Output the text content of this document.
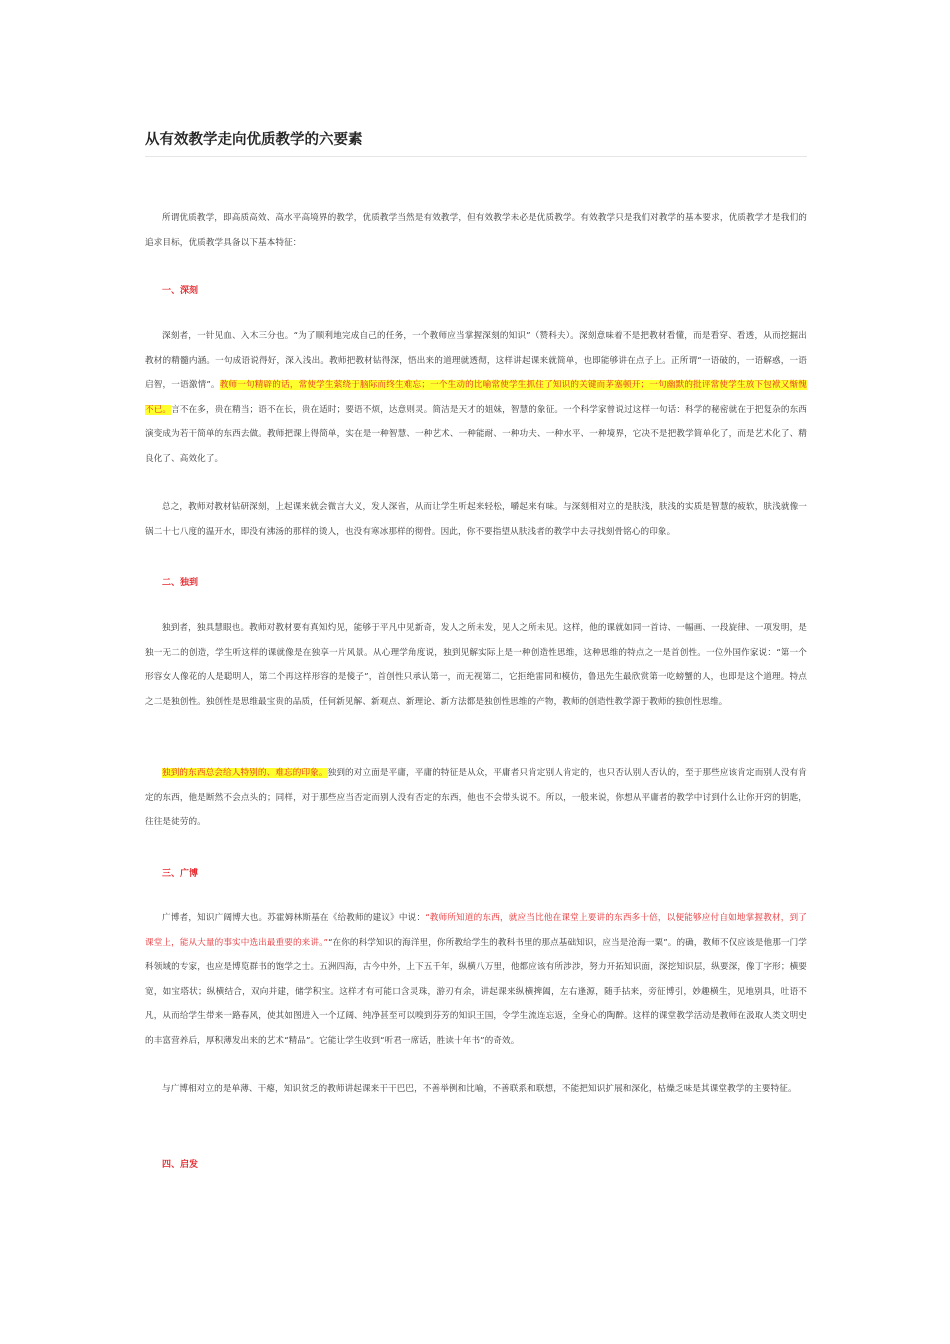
从有效教学走向优质教学的六要素

所谓优质教学，即高质高效、高水平高境界的教学，优质教学当然是有效教学，但有效教学未必是优质教学。有效教学只是我们对教学的基本要求，优质教学才是我们的追求目标，优质教学具备以下基本特征：

一、深刻

深刻者，一针见血、入木三分也。“为了顺利地完成自己的任务，一个教师应当掌握深刻的知识”（赞科夫）。深刻意味着不是把教材看懂，而是看穿、看透，从而挖掘出教材的精髓内涵。一句成语说得好，深入浅出。教师把教材钻得深，悟出来的道理就透彻，这样讲起课来就简单，也即能够讲在点子上。正所谓“一语破的，一语解惑，一语启智，一语激情”。教师一句精辟的话，常使学生萦绕于脑际而终生难忘；一个生动的比喻常使学生抓住了知识的关键而茅塞顿开；一句幽默的批评常使学生放下包袱又惭愧不已。言不在多，贵在精当；语不在长，贵在适时；要语不烦，达意则灵。简洁是天才的姐妹，智慧的象征。一个科学家曾说过这样一句话：科学的秘密就在于把复杂的东西演变成为若干简单的东西去做。教师把课上得简单，实在是一种智慧、一种艺术、一种能耐、一种功夫、一种水平、一种境界，它决不是把教学简单化了，而是艺术化了、精良化了、高效化了。

总之，教师对教材钻研深刻，上起课来就会微言大义，发人深省，从而让学生听起来轻松，嚼起来有味。与深刻相对立的是肤浅，肤浅的实质是智慧的疲软，肤浅就像一锅二十七八度的温开水，即没有沸汤的那样的烫人，也没有寒冰那样的彻骨。因此，你不要指望从肤浅者的教学中去寻找刻骨铭心的印象。

二、独到

独到者，独具慧眼也。教师对教材要有真知灼见，能够于平凡中见新奇，发人之所未发，见人之所未见。这样，他的课就如同一首诗、一幅画、一段旋律、一项发明，是独一无二的创造，学生听这样的课就像是在独享一片风景。从心理学角度说，独到见解实际上是一种创造性思维，这种思维的特点之一是首创性。一位外国作家说：“第一个形容女人像花的人是聪明人，第二个再这样形容的是傻子”，首创性只承认第一，而无视第二，它拒绝雷同和模仿，鲁迅先生最欣赏第一吃螃蟹的人，也即是这个道理。特点之二是独创性。独创性是思维最宝贵的品质，任何新见解、新观点、新理论、新方法都是独创性思维的产物，教师的创造性教学源于教师的独创性思维。

独到的东西总会给人特别的、难忘的印象。独到的对立面是平庸，平庸的特征是从众，平庸者只肯定别人肯定的，也只否认别人否认的，至于那些应该肯定而别人没有肯定的东西，他是断然不会点头的；同样，对于那些应当否定而别人没有否定的东西，他也不会带头说不。所以，一般来说，你想从平庸者的教学中讨到什么让你开窍的钥匙，往往是徒劳的。

三、广博

广博者，知识广阔博大也。苏霍姆林斯基在《给教师的建议》中说：“教师所知道的东西，就应当比他在课堂上要讲的东西多十倍，以便能够应付自如地掌握教材，到了课堂上，能从大量的事实中选出最重要的来讲。”“在你的科学知识的海洋里，你所教给学生的教科书里的那点基础知识，应当是沧海一粟”。的确，教师不仅应该是他那一门学科领域的专家，也应是博览群书的饱学之士。五洲四海，古今中外，上下五千年，纵横八万里，他都应该有所涉涉，努力开拓知识面，深挖知识层，纵要深，像丁字形；横要宽，如宝塔状；纵横结合，双向并建，储学积宝。这样才有可能口含灵珠，游刃有余，讲起课来纵横捭阖，左右逢源，随手拈来，旁征博引，妙趣横生，见地别具，吐语不凡，从而给学生带来一路春风，使其如图进入一个辽阔、纯净甚至可以嗅到芬芳的知识王国，令学生流连忘返，全身心的陶醉。这样的课堂教学活动是教师在汲取人类文明史的丰富营养后，厚积薄发出来的艺术“精品”。它能让学生收到“听君一席话，胜读十年书”的奇效。

与广博相对立的是单薄、干瘪，知识贫乏的教师讲起课来干干巴巴，不善举例和比喻，不善联系和联想，不能把知识扩展和深化，枯燥乏味是其课堂教学的主要特征。

四、启发
